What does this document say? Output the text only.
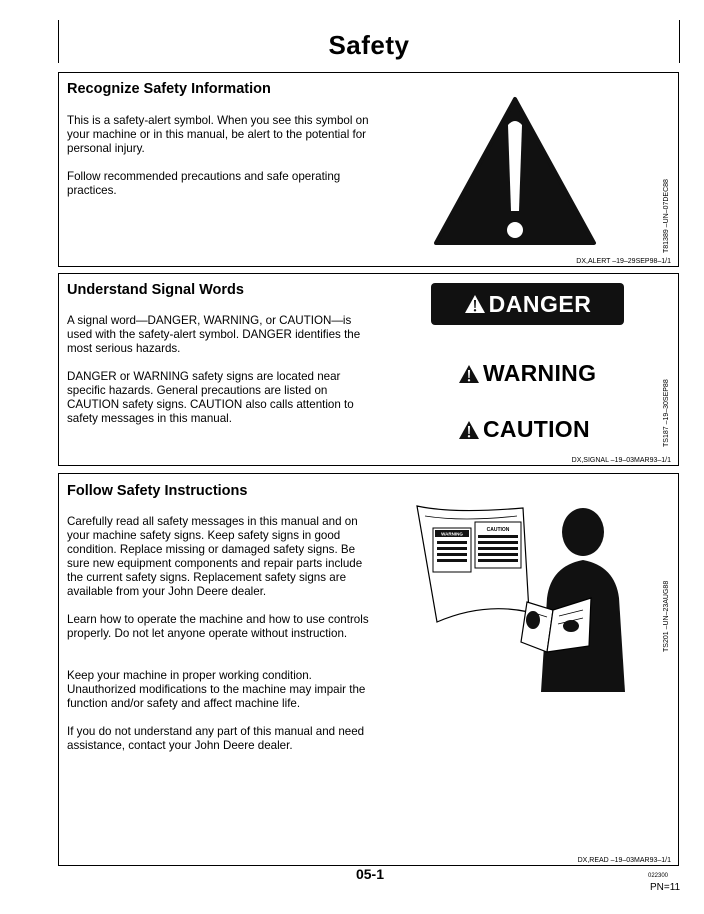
Safety
Recognize Safety Information

This is a safety-alert symbol. When you see this symbol on your machine or in this manual, be alert to the potential for personal injury.

Follow recommended precautions and safe operating practices.	T81389 –UN–07DEC88
DX,ALERT –19–29SEP98–1/1
Understand Signal Words

A signal word—DANGER, WARNING, or CAUTION—is used with the safety-alert symbol. DANGER identifies the most serious hazards.

DANGER or WARNING safety signs are located near specific hazards. General precautions are listed on CAUTION safety signs. CAUTION also calls attention to safety messages in this manual.

DANGER
WARNING
CAUTION	TS187 –19–30SEP88
DX,SIGNAL –19–03MAR93–1/1
Follow Safety Instructions

Carefully read all safety messages in this manual and on your machine safety signs. Keep safety signs in good condition. Replace missing or damaged safety signs. Be sure new equipment components and repair parts include the current safety signs. Replacement safety signs are available from your John Deere dealer.

Learn how to operate the machine and how to use controls properly. Do not let anyone operate without instruction.

Keep your machine in proper working condition. Unauthorized modifications to the machine may impair the function and/or safety and affect machine life.

If you do not understand any part of this manual and need assistance, contact your John Deere dealer.

WARNING
CAUTION
TS201 –UN–23AUG88
DX,READ –19–03MAR93–1/1
05-1	022300
PN=11
